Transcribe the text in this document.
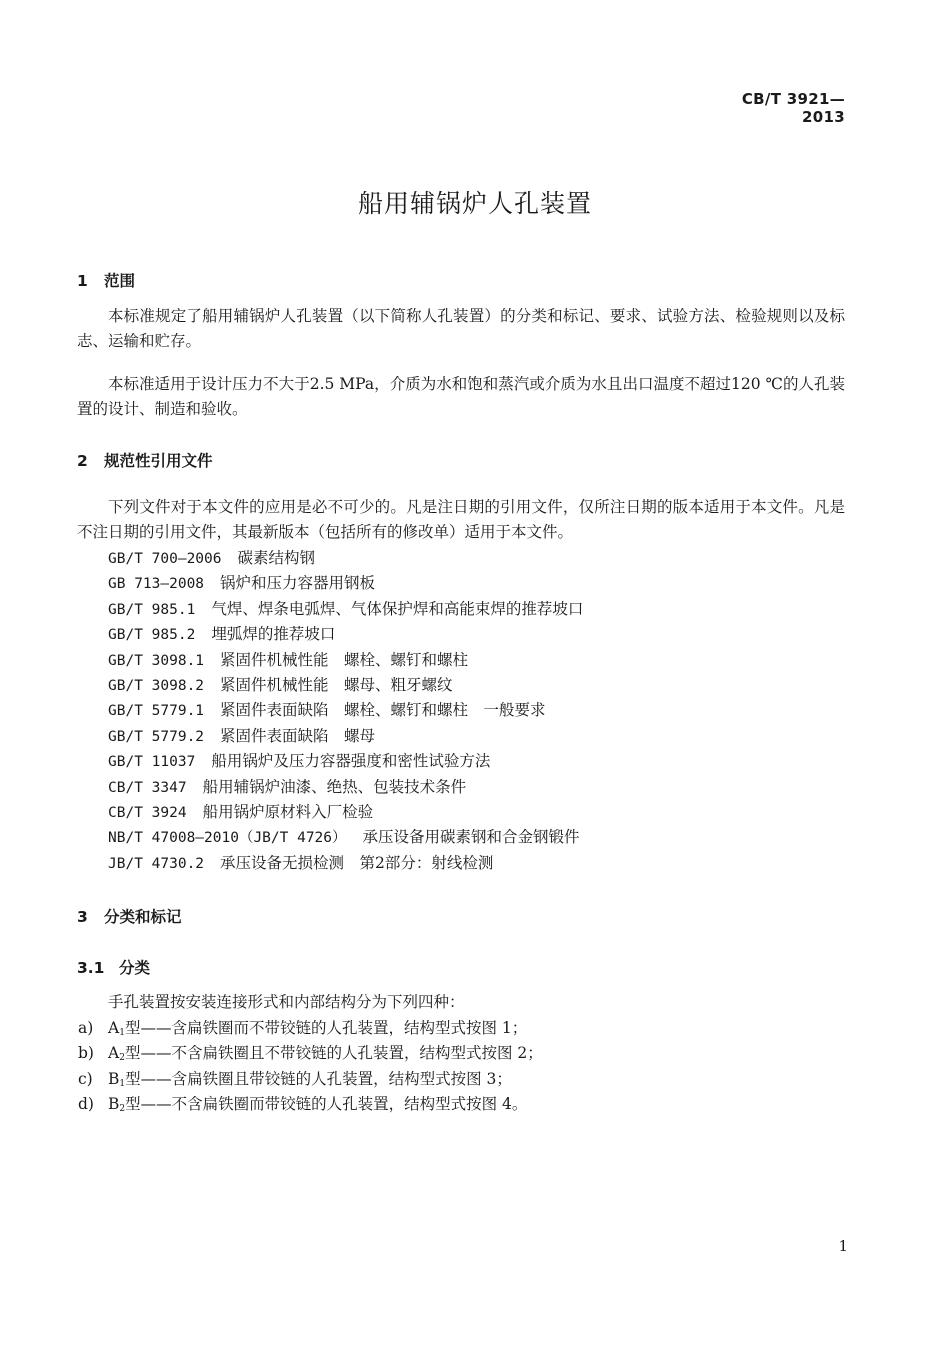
CB/T 3921—2013
船用辅锅炉人孔装置
1 范围

本标准规定了船用辅锅炉人孔装置（以下简称人孔装置）的分类和标记、要求、试验方法、检验规则以及标志、运输和贮存。

本标准适用于设计压力不大于2.5 MPa，介质为水和饱和蒸汽或介质为水且出口温度不超过120 ℃的人孔装置的设计、制造和验收。

2 规范性引用文件

下列文件对于本文件的应用是必不可少的。凡是注日期的引用文件，仅所注日期的版本适用于本文件。凡是不注日期的引用文件，其最新版本（包括所有的修改单）适用于本文件。

GB/T 700—2006 碳素结构钢
GB 713—2008 锅炉和压力容器用钢板
GB/T 985.1 气焊、焊条电弧焊、气体保护焊和高能束焊的推荐坡口
GB/T 985.2 埋弧焊的推荐坡口
GB/T 3098.1 紧固件机械性能　螺栓、螺钉和螺柱
GB/T 3098.2 紧固件机械性能　螺母、粗牙螺纹
GB/T 5779.1 紧固件表面缺陷　螺栓、螺钉和螺柱　一般要求
GB/T 5779.2 紧固件表面缺陷　螺母
GB/T 11037 船用锅炉及压力容器强度和密性试验方法
CB/T 3347 船用辅锅炉油漆、绝热、包装技术条件
CB/T 3924 船用锅炉原材料入厂检验
NB/T 47008—2010（JB/T 4726） 承压设备用碳素钢和合金钢锻件
JB/T 4730.2 承压设备无损检测　第2部分：射线检测
3 分类和标记
3.1 分类

手孔装置按安装连接形式和内部结构分为下列四种：

a) $A_1$型——含扁铁圈而不带铰链的人孔装置，结构型式按图 1；
b) $A_2$型——不含扁铁圈且不带铰链的人孔装置，结构型式按图 2；
c) $B_1$型——含扁铁圈且带铰链的人孔装置，结构型式按图 3；
d) $B_2$型——不含扁铁圈而带铰链的人孔装置，结构型式按图 4。
1
